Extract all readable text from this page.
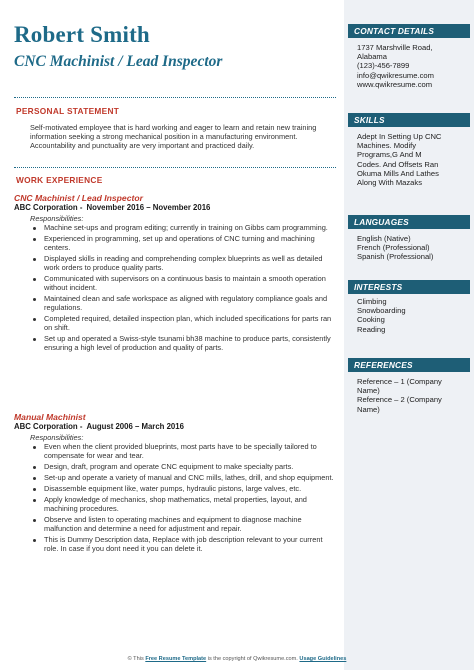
Robert Smith
CNC Machinist / Lead Inspector
PERSONAL STATEMENT
Self-motivated employee that is hard working and eager to learn and retain new training information seeking a strong mechanical position in a manufacturing environment. Accountability and punctuality are very important and practiced daily.
WORK EXPERIENCE
CNC Machinist / Lead Inspector
ABC Corporation - November 2016 – November 2016
Responsibilities:
Machine set-ups and program editing; currently in training on Gibbs cam programming.
Experienced in programming, set up and operations of CNC turning and machining centers.
Displayed skills in reading and comprehending complex blueprints as well as detailed work orders to produce quality parts.
Communicated with supervisors on a continuous basis to maintain a smooth operation without incident.
Maintained clean and safe workspace as aligned with regulatory compliance goals and regulations.
Completed required, detailed inspection plan, which included specifications for parts ran on shift.
Set up and operated a Swiss-style tsunami bh38 machine to produce parts, consistently ensuring a high level of production and quality of parts.
Manual Machinist
ABC Corporation - August 2006 – March 2016
Responsibilities:
Even when the client provided blueprints, most parts have to be specially tailored to compensate for wear and tear.
Design, draft, program and operate CNC equipment to make specialty parts.
Set-up and operate a variety of manual and CNC mills, lathes, drill, and shop equipment.
Disassemble equipment like, water pumps, hydraulic pistons, large valves, etc.
Apply knowledge of mechanics, shop mathematics, metal properties, layout, and machining procedures.
Observe and listen to operating machines and equipment to diagnose machine malfunction and determine a need for adjustment and repair.
This is Dummy Description data, Replace with job description relevant to your current role. In case if you dont need it you can delete it.
CONTACT DETAILS
1737 Marshville Road,
Alabama
(123)-456-7899
info@qwikresume.com
www.qwikresume.com
SKILLS
Adept In Setting Up CNC
Machines. Modify
Programs,G And M
Codes. And Offsets Ran
Okuma Mills And Lathes
Along With Mazaks
LANGUAGES
English (Native)
French (Professional)
Spanish (Professional)
INTERESTS
Climbing
Snowboarding
Cooking
Reading
REFERENCES
Reference – 1 (Company
Name)
Reference – 2 (Company
Name)
© This Free Resume Template is the copyright of Qwikresume.com. Usage Guidelines
